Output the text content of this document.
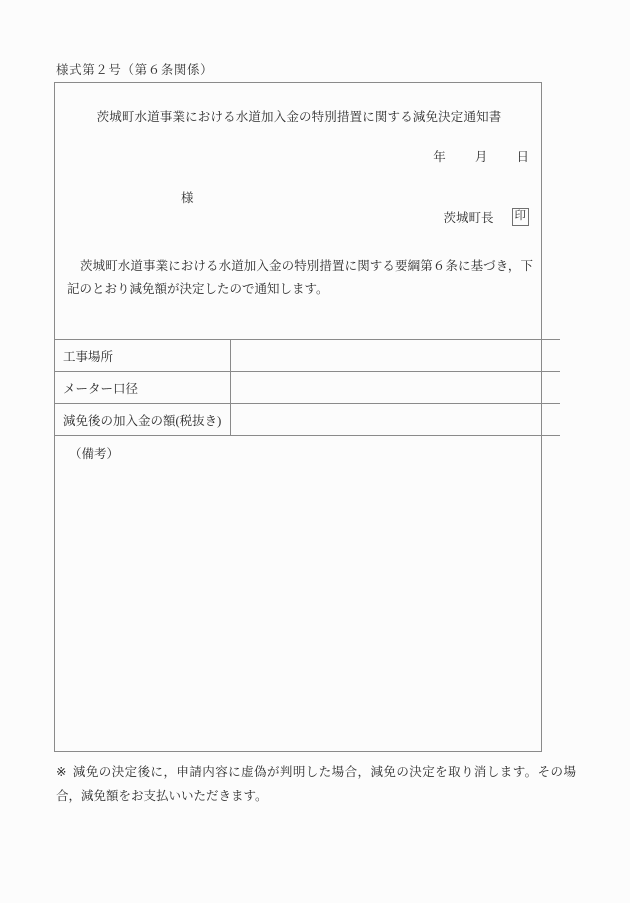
様式第２号（第６条関係）
茨城町水道事業における水道加入金の特別措置に関する減免決定通知書
年 月 日
様
茨城町長 印
茨城町水道事業における水道加入金の特別措置に関する要綱第６条に基づき，下記のとおり減免額が決定したので通知します。
工事場所	
メーター口径	
減免後の加入金の額(税抜き)	
（備考）
※ 減免の決定後に，申請内容に虚偽が判明した場合，減免の決定を取り消します。その場合，減免額をお支払いいただきます。
